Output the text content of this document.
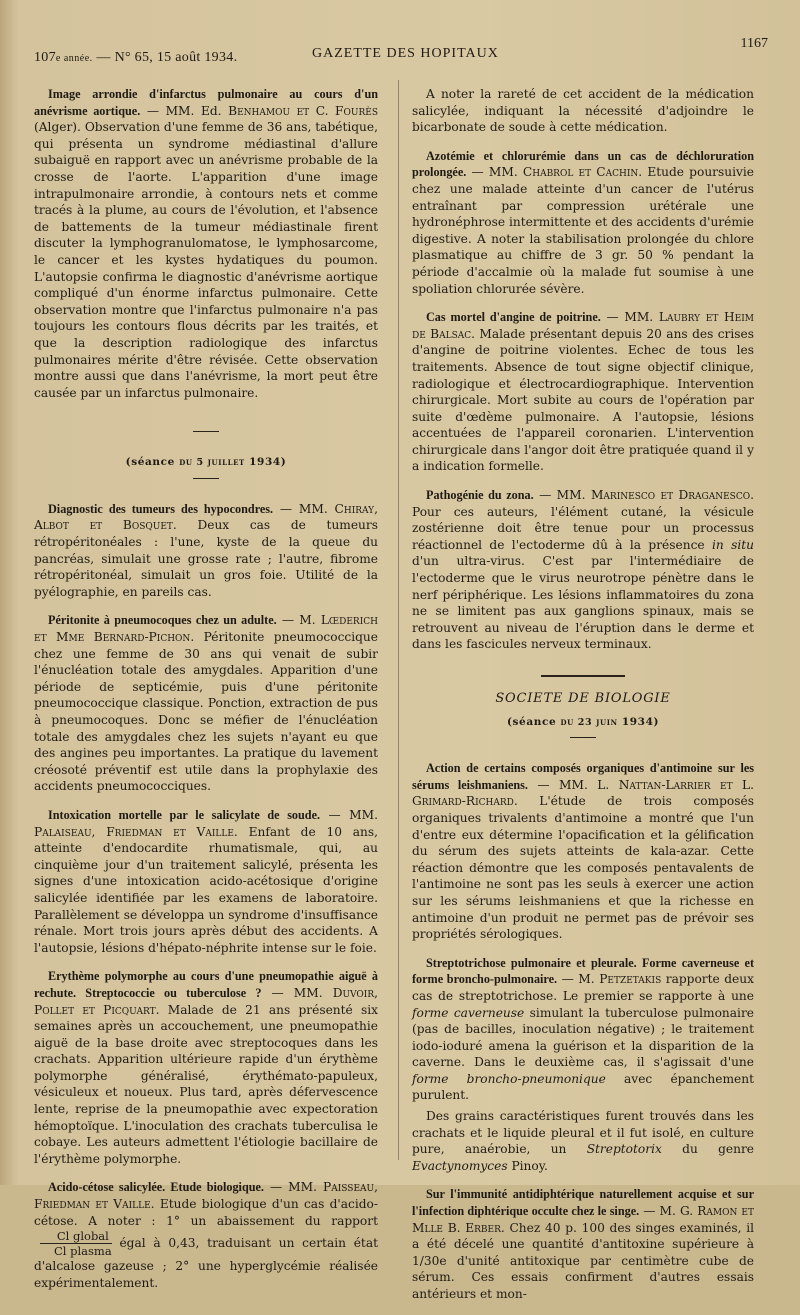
107e année. — N° 65, 15 août 1934.	GAZETTE DES HOPITAUX
1167

Image arrondie d'infarctus pulmonaire au cours d'un anévrisme aortique. — MM. Ed. Benhamou et C. Fourès (Alger). Observation d'une femme de 36 ans, tabétique, qui présenta un syndrome médiastinal d'allure subaiguë en rapport avec un anévrisme probable de la crosse de l'aorte. L'apparition d'une image intrapulmonaire arrondie, à contours nets et comme tracés à la plume, au cours de l'évolution, et l'absence de battements de la tumeur médiastinale firent discuter la lymphogranulomatose, le lymphosarcome, le cancer et les kystes hydatiques du poumon. L'autopsie confirma le diagnostic d'anévrisme aortique compliqué d'un énorme infarctus pulmonaire. Cette observation montre que l'infarctus pulmonaire n'a pas toujours les contours flous décrits par les traités, et que la description radiologique des infarctus pulmonaires mérite d'être révisée. Cette observation montre aussi que dans l'anévrisme, la mort peut être causée par un infarctus pulmonaire.

(séance du 5 juillet 1934)

Diagnostic des tumeurs des hypocondres. — MM. Chiray, Albot et Bosquet. Deux cas de tumeurs rétropéritonéales : l'une, kyste de la queue du pancréas, simulait une grosse rate ; l'autre, fibrome rétropéritonéal, simulait un gros foie. Utilité de la pyélographie, en pareils cas.

Péritonite à pneumocoques chez un adulte. — M. Lœderich et Mme Bernard-Pichon. Péritonite pneumococcique chez une femme de 30 ans qui venait de subir l'énucléation totale des amygdales. Apparition d'une période de septicémie, puis d'une péritonite pneumococcique classique. Ponction, extraction de pus à pneumocoques. Donc se méfier de l'énucléation totale des amygdales chez les sujets n'ayant eu que des angines peu importantes. La pratique du lavement créosoté préventif est utile dans la prophylaxie des accidents pneumococciques.

Intoxication mortelle par le salicylate de soude. — MM. Palaiseau, Friedman et Vaille. Enfant de 10 ans, atteinte d'endocardite rhumatismale, qui, au cinquième jour d'un traitement salicylé, présenta les signes d'une intoxication acido-acétosique d'origine salicylée identifiée par les examens de laboratoire. Parallèlement se développa un syndrome d'insuffisance rénale. Mort trois jours après début des accidents. A l'autopsie, lésions d'hépato-néphrite intense sur le foie.

Erythème polymorphe au cours d'une pneumopathie aiguë à rechute. Streptococcie ou tuberculose ? — MM. Duvoir, Pollet et Picquart. Malade de 21 ans présenté six semaines après un accouchement, une pneumopathie aiguë de la base droite avec streptocoques dans les crachats. Apparition ultérieure rapide d'un érythème polymorphe généralisé, érythémato-papuleux, vésiculeux et noueux. Plus tard, après défervescence lente, reprise de la pneumopathie avec expectoration hémoptoïque. L'inoculation des crachats tuberculisa le cobaye. Les auteurs admettent l'étiologie bacillaire de l'érythème polymorphe.

Acido-cétose salicylée. Etude biologique. — MM. Paisseau, Friedman et Vaille. Etude biologique d'un cas d'acido-cétose. A noter : 1° un abaissement du rapport
$\frac{\text{Cl global}}{\text{Cl plasma}}$ égal à 0,43, traduisant un certain état d'alcalose gazeuse ; 2° une hyperglycémie réalisée expérimentalement.

A noter la rareté de cet accident de la médication salicylée, indiquant la nécessité d'adjoindre le bicarbonate de soude à cette médication.

Azotémie et chlorurémie dans un cas de déchloruration prolongée. — MM. Chabrol et Cachin. Etude poursuivie chez une malade atteinte d'un cancer de l'utérus entraînant par compression urétérale une hydronéphrose intermittente et des accidents d'urémie digestive. A noter la stabilisation prolongée du chlore plasmatique au chiffre de 3 gr. 50 % pendant la période d'accalmie où la malade fut soumise à une spoliation chlorurée sévère.

Cas mortel d'angine de poitrine. — MM. Laubry et Heim de Balsac. Malade présentant depuis 20 ans des crises d'angine de poitrine violentes. Echec de tous les traitements. Absence de tout signe objectif clinique, radiologique et électrocardiographique. Intervention chirurgicale. Mort subite au cours de l'opération par suite d'œdème pulmonaire. A l'autopsie, lésions accentuées de l'appareil coronarien. L'intervention chirurgicale dans l'angor doit être pratiquée quand il y a indication formelle.

Pathogénie du zona. — MM. Marinesco et Draganesco. Pour ces auteurs, l'élément cutané, la vésicule zostérienne doit être tenue pour un processus réactionnel de l'ectoderme dû à la présence in situ d'un ultra-virus. C'est par l'intermédiaire de l'ectoderme que le virus neurotrope pénètre dans le nerf périphérique. Les lésions inflammatoires du zona ne se limitent pas aux ganglions spinaux, mais se retrouvent au niveau de l'éruption dans le derme et dans les fascicules nerveux terminaux.

SOCIETE DE BIOLOGIE
(séance du 23 juin 1934)

Action de certains composés organiques d'antimoine sur les sérums leishmaniens. — MM. L. Nattan-Larrier et L. Grimard-Richard. L'étude de trois composés organiques trivalents d'antimoine a montré que l'un d'entre eux détermine l'opacification et la gélification du sérum des sujets atteints de kala-azar. Cette réaction démontre que les composés pentavalents de l'antimoine ne sont pas les seuls à exercer une action sur les sérums leishmaniens et que la richesse en antimoine d'un produit ne permet pas de prévoir ses propriétés sérologiques.

Streptotrichose pulmonaire et pleurale. Forme caverneuse et forme broncho-pulmonaire. — M. Petzetakis rapporte deux cas de streptotrichose. Le premier se rapporte à une forme caverneuse simulant la tuberculose pulmonaire (pas de bacilles, inoculation négative) ; le traitement iodo-ioduré amena la guérison et la disparition de la caverne. Dans le deuxième cas, il s'agissait d'une forme broncho-pneumonique avec épanchement purulent.

Des grains caractéristiques furent trouvés dans les crachats et le liquide pleural et il fut isolé, en culture pure, anaérobie, un Streptotorix du genre Evactynomyces Pinoy.

Sur l'immunité antidiphtérique naturellement acquise et sur l'infection diphtérique occulte chez le singe. — M. G. Ramon et Mlle B. Erber. Chez 40 p. 100 des singes examinés, il a été décelé une quantité d'antitoxine supérieure à 1/30e d'unité antitoxique par centimètre cube de sérum. Ces essais confirment d'autres essais antérieurs et mon-
